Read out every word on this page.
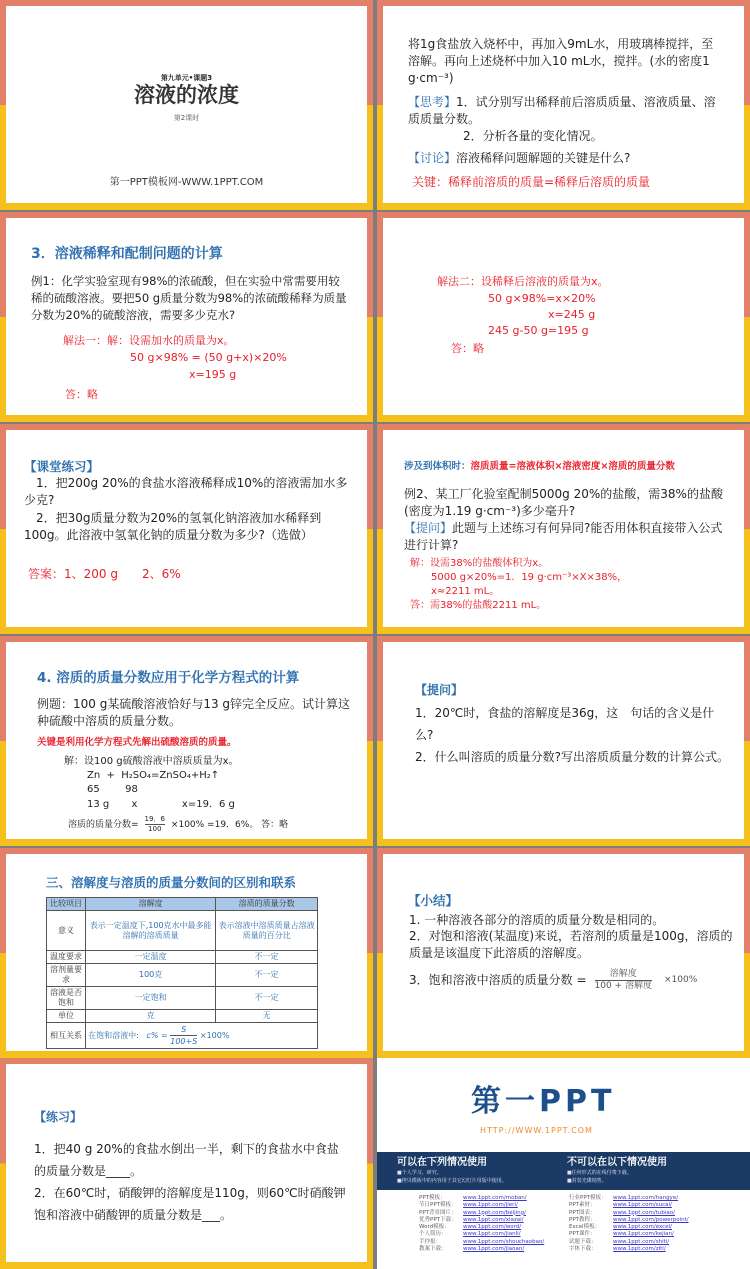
第九单元•课题3
溶液的浓度
第2课时
第一PPT模板网-WWW.1PPT.COM
将1g食盐放入烧杯中，再加入9mL水，用玻璃棒搅拌，至溶解。再向上述烧杯中加入10 mL水，搅拌。(水的密度1 g·cm⁻³)
【思考】1．试分别写出稀释前后溶质质量、溶液质量、溶质质量分数。
2．分析各量的变化情况。
【讨论】溶液稀释问题解题的关键是什么?
关键：稀释前溶质的质量=稀释后溶质的质量
3．溶液稀释和配制问题的计算
例1：化学实验室现有98%的浓硫酸，但在实验中常需要用较稀的硫酸溶液。要把50 g质量分数为98%的浓硫酸稀释为质量分数为20%的硫酸溶液，需要多少克水?
解法一：解：设需加水的质量为x。
50 g×98% = (50 g+x)×20%
x=195 g
答：略
解法二：设稀释后溶液的质量为x。
50 g×98%=x×20%
x=245 g
245 g-50 g=195 g
答：略
【课堂练习】
　1．把200g 20%的食盐水溶液稀释成10%的溶液需加水多少克?
　2．把30g质量分数为20%的氢氧化钠溶液加水稀释到100g。此溶液中氢氧化钠的质量分数为多少?（选做）
答案：1、200 g　　2、6%
涉及到体积时：溶质质量=溶液体积×溶液密度×溶质的质量分数
例2、某工厂化验室配制5000g 20%的盐酸，需38%的盐酸(密度为1.19 g·cm⁻³)多少毫升?
【提问】此题与上述练习有何异同?能否用体积直接带入公式进行计算?
解：设需38%的盐酸体积为x。
5000 g×20%=1．19 g·cm⁻³×X×38%，
x≈2211 mL。
答：需38%的盐酸2211 mL。
4. 溶质的质量分数应用于化学方程式的计算
例题：100 g某硫酸溶液恰好与13 g锌完全反应。试计算这种硫酸中溶质的质量分数。
关键是利用化学方程式先解出硫酸溶质的质量。
解：设100 g硫酸溶液中溶质质量为x。
Zn  +  H₂SO₄=ZnSO₄+H₂↑
65        98
13 g       x              x=19．6 g
溶质的质量分数= $\frac{19.6}{100} \times 100\% =19$．6%。 答：略
【提问】
1．20℃时，食盐的溶解度是36g，这　句话的含义是什么?
2．什么叫溶质的质量分数?写出溶质质量分数的计算公式。
三、溶解度与溶质的质量分数间的区别和联系
比较项目	溶解度	溶质的质量分数
意义	表示一定温度下,100克水中最多能溶解的溶质质量	表示溶液中溶质质量占溶液质量的百分比
温度要求	一定温度	不一定
溶剂量要求	100克	不一定
溶液是否饱和	一定饱和	不一定
单位	克	无
相互关系	在饱和溶液中: $c\% = \frac{S}{100+S} \times 100\%$	
【小结】
1. 一种溶液各部分的溶质的质量分数是相同的。
2．对饱和溶液(某温度)来说，若溶剂的质量是100g，溶质的质量是该温度下此溶质的溶解度。
3．饱和溶液中溶质的质量分数 = $\frac{\text{溶解度}}{\text{100 + 溶解度}} \times 100\%$
【练习】
1．把40 g 20%的食盐水倒出一半，剩下的食盐水中食盐的质量分数是____。
2．在60℃时，硝酸钾的溶解度是110g，则60℃时硝酸钾饱和溶液中硝酸钾的质量分数是___。
第一PPT
HTTP://WWW.1PPT.COM
可以在下列情况使用
■个人学习、研究。
■拷贝模板中的内容用于其它幻灯片母版中使用。
不可以在以下情况使用
■任何形式的在线付费下载。
■封装光碟销售。
PPT模板：	www.1ppt.com/moban/
节日PPT模板： www.1ppt.com/jieri/
PPT背景图片： www.1ppt.com/beijing/
优秀PPT下载： www.1ppt.com/xiazai/
Word模板： www.1ppt.com/word/
个人简历：	www.1ppt.com/jianli/
手抄报：	www.1ppt.com/shouchaobao/
教案下载：	www.1ppt.com/jiaoan/
行业PPT模板： www.1ppt.com/hangye/
PPT素材：	www.1ppt.com/sucai/
PPT图表：	www.1ppt.com/tubiao/
PPT教程：	www.1ppt.com/powerpoint/
Excel模板： www.1ppt.com/excel/
PPT课件：	www.1ppt.com/kejian/
试题下载：	www.1ppt.com/shiti/
字体下载：	www.1ppt.com/ziti/
